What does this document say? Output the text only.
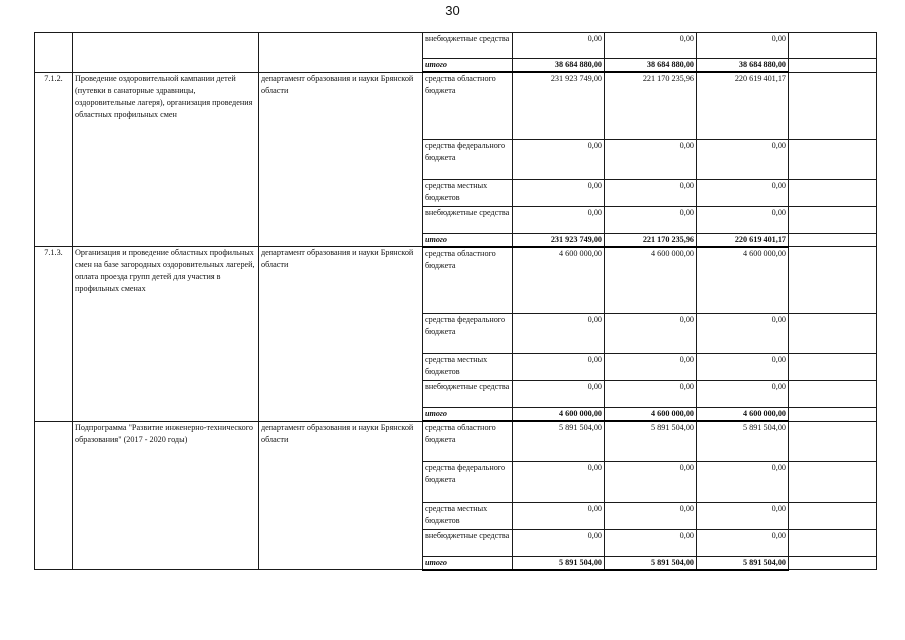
30
			внебюджетные средства	0,00	0,00	0,00	
			итого	38 684 880,00	38 684 880,00	38 684 880,00	
7.1.2.	Проведение оздоровительной кампании детей (путевки в санаторные здравницы, оздоровительные лагеря), организация проведения областных профильных смен	департамент образования и науки Брянской области	средства областного бюджета	231 923 749,00	221 170 235,96	220 619 401,17	
			средства федерального бюджета	0,00	0,00	0,00	
			средства местных бюджетов	0,00	0,00	0,00	
			внебюджетные средства	0,00	0,00	0,00	
			итого	231 923 749,00	221 170 235,96	220 619 401,17	
7.1.3.	Организация и проведение областных профильных смен на базе загородных оздоровительных лагерей, оплата проезда групп детей для участия в профильных сменах	департамент образования и науки Брянской области	средства областного бюджета	4 600 000,00	4 600 000,00	4 600 000,00	
			средства федерального бюджета	0,00	0,00	0,00	
			средства местных бюджетов	0,00	0,00	0,00	
			внебюджетные средства	0,00	0,00	0,00	
			итого	4 600 000,00	4 600 000,00	4 600 000,00	
	Подпрограмма "Развитие инженерно-технического образования" (2017 - 2020 годы)	департамент образования и науки Брянской области	средства областного бюджета	5 891 504,00	5 891 504,00	5 891 504,00	
			средства федерального бюджета	0,00	0,00	0,00	
			средства местных бюджетов	0,00	0,00	0,00	
			внебюджетные средства	0,00	0,00	0,00	
			итого	5 891 504,00	5 891 504,00	5 891 504,00	
